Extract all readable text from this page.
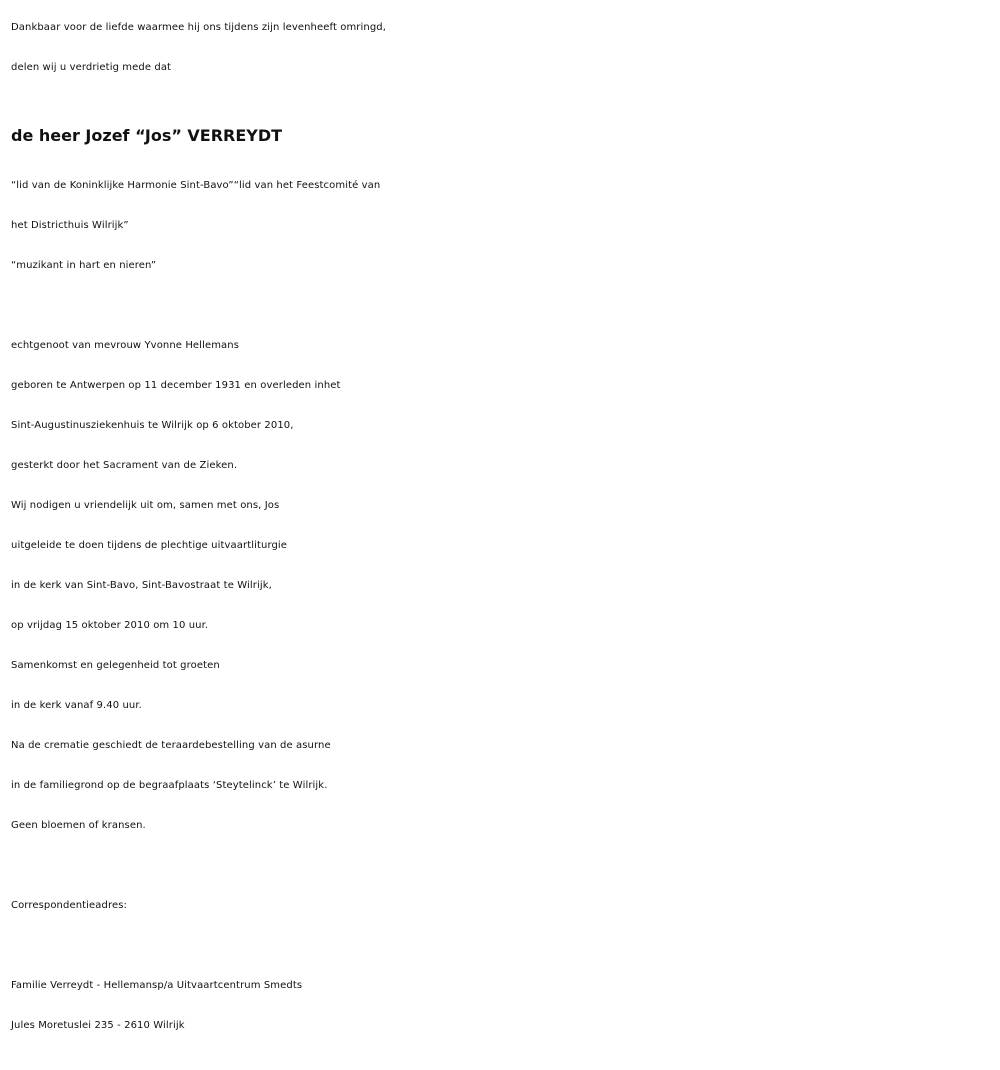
Dankbaar voor de liefde waarmee hij ons tijdens zijn levenheeft omringd,
delen wij u verdrietig mede dat
de heer Jozef “Jos” VERREYDT
“lid van de Koninklijke Harmonie Sint-Bavo”“lid van het Feestcomité van
het Districthuis Wilrijk”
“muzikant in hart en nieren”
echtgenoot van mevrouw Yvonne Hellemans
geboren te Antwerpen op 11 december 1931 en overleden inhet
Sint-Augustinusziekenhuis te Wilrijk op 6 oktober 2010,
gesterkt door het Sacrament van de Zieken.
Wij nodigen u vriendelijk uit om, samen met ons, Jos
uitgeleide te doen tijdens de plechtige uitvaartliturgie
in de kerk van Sint-Bavo, Sint-Bavostraat te Wilrijk,
op vrijdag 15 oktober 2010 om 10 uur.
Samenkomst en gelegenheid tot groeten
in de kerk vanaf 9.40 uur.
Na de crematie geschiedt de teraardebestelling van de asurne
in de familiegrond op de begraafplaats ‘Steytelinck’ te Wilrijk.
Geen bloemen of kransen.
Correspondentieadres:
Familie Verreydt - Hellemansp/a Uitvaartcentrum Smedts
Jules Moretuslei 235 - 2610 Wilrijk
